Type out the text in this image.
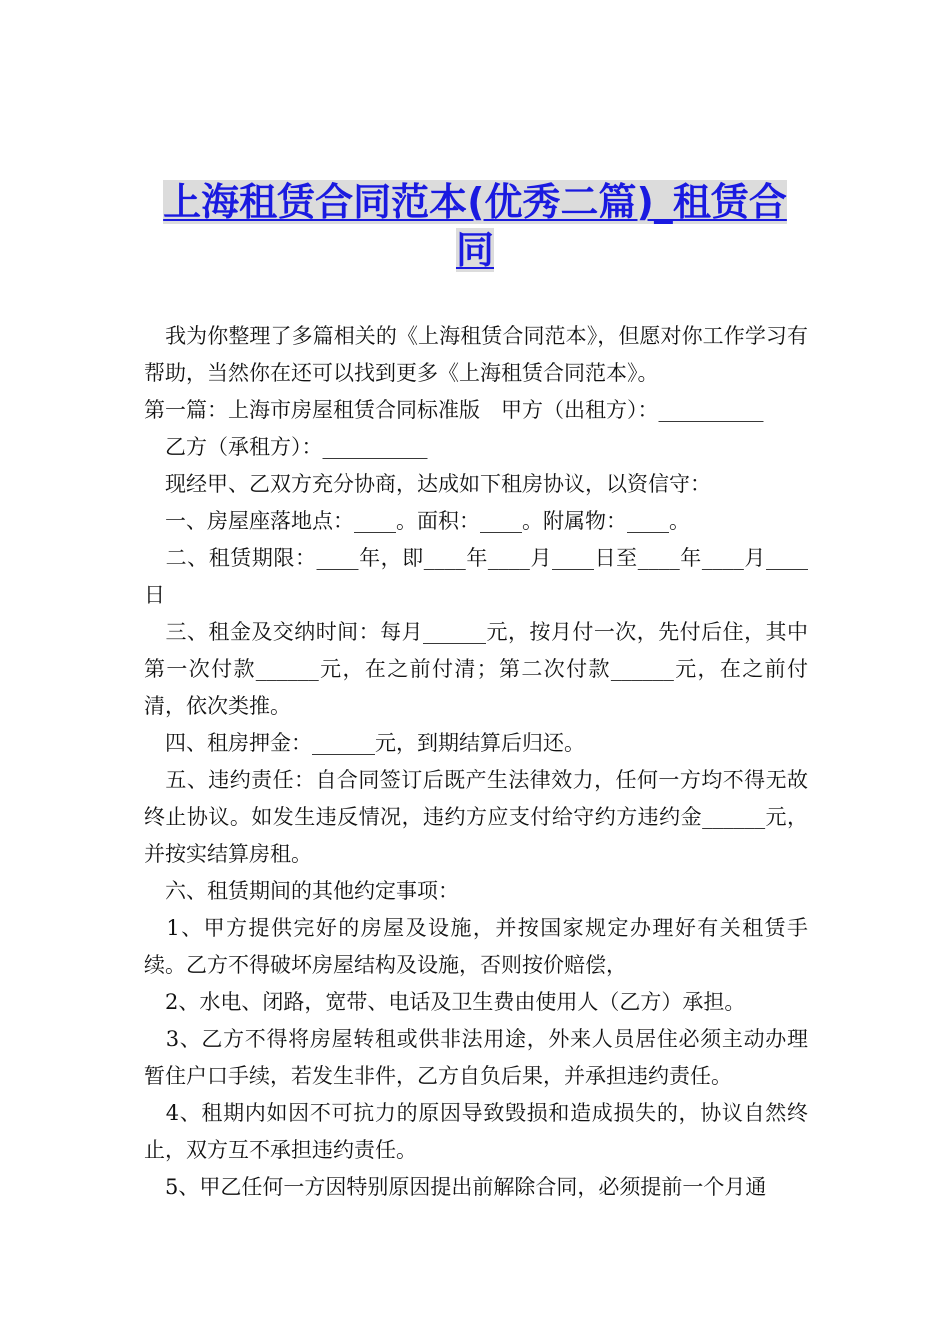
上海租赁合同范本(优秀二篇)_租赁合
同

　我为你整理了多篇相关的《上海租赁合同范本》，但愿对你工作学习有帮助，当然你在还可以找到更多《上海租赁合同范本》。

第一篇：上海市房屋租赁合同标准版　甲方（出租方）：__________

　乙方（承租方）：__________

　现经甲、乙双方充分协商，达成如下租房协议，以资信守：

　一、房屋座落地点：____。面积：____。附属物：____。

　二、租赁期限：____年，即____年____月____日至____年____月____日

　三、租金及交纳时间：每月______元，按月付一次，先付后住，其中第一次付款______元，在之前付清；第二次付款______元，在之前付清，依次类推。

　四、租房押金：______元，到期结算后归还。

　五、违约责任：自合同签订后既产生法律效力，任何一方均不得无故终止协议。如发生违反情况，违约方应支付给守约方违约金______元，并按实结算房租。

　六、租赁期间的其他约定事项：

　1、甲方提供完好的房屋及设施，并按国家规定办理好有关租赁手续。乙方不得破坏房屋结构及设施，否则按价赔偿，

　2、水电、闭路，宽带、电话及卫生费由使用人（乙方）承担。

　3、乙方不得将房屋转租或供非法用途，外来人员居住必须主动办理暂住户口手续，若发生非件，乙方自负后果，并承担违约责任。

　4、租期内如因不可抗力的原因导致毁损和造成损失的，协议自然终止，双方互不承担违约责任。

　5、甲乙任何一方因特别原因提出前解除合同，必须提前一个月通
